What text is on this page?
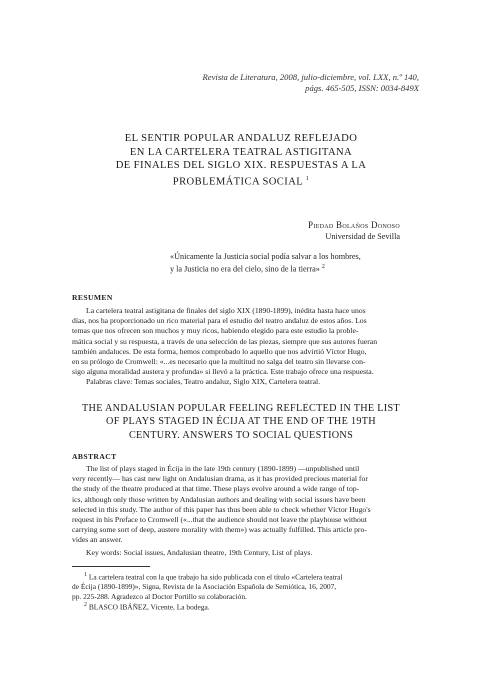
Revista de Literatura, 2008, julio-diciembre, vol. LXX, n.º 140,
págs. 465-505, ISSN: 0034-849X
EL SENTIR POPULAR ANDALUZ REFLEJADO
EN LA CARTELERA TEATRAL ASTIGITANA
DE FINALES DEL SIGLO XIX. RESPUESTAS A LA
PROBLEMÁTICA SOCIAL $^1$
Piedad Bolaños Donoso
Universidad de Sevilla
«Únicamente la Justicia social podía salvar a los hombres,
y la Justicia no era del cielo, sino de la tierra» $^2$
RESUMEN
La cartelera teatral astigitana de finales del siglo XIX (1890-1899), inédita hasta hace unos
días, nos ha proporcionado un rico material para el estudio del teatro andaluz de estos años. Los
temas que nos ofrecen son muchos y muy ricos, habiendo elegido para este estudio la proble-
mática social y su respuesta, a través de una selección de las piezas, siempre que sus autores fueran
también andaluces. De esta forma, hemos comprobado lo aquello que nos advirtió Víctor Hugo,
en su prólogo de Cromwell: «...es necesario que la multitud no salga del teatro sin llevarse con-
sigo alguna moralidad austera y profunda» si llevó a la práctica. Este trabajo ofrece una respuesta.
Palabras clave: Temas sociales, Teatro andaluz, Siglo XIX, Cartelera teatral.
THE ANDALUSIAN POPULAR FEELING REFLECTED IN THE LIST
OF PLAYS STAGED IN ÉCIJA AT THE END OF THE 19TH
CENTURY. ANSWERS TO SOCIAL QUESTIONS
ABSTRACT
The list of plays staged in Écija in the late 19th century (1890-1899) —unpublished until
very recently— has cast new light on Andalusian drama, as it has provided precious material for
the study of the theatre produced at that time. These plays evolve around a wide range of top-
ics, although only those written by Andalusian authors and dealing with social issues have been
selected in this study. The author of this paper has thus been able to check whether Víctor Hugo's
request in his Preface to Cromwell («...that the audience should not leave the playhouse without
carrying some sort of deep, austere morality with them») was actually fulfilled. This article pro-
vides an answer.
Key words: Social issues, Andalusian theatre, 19th Century, List of plays.
$^1$ La cartelera teatral con la que trabajo ha sido publicada con el título «Cartelera teatral
de Écija (1890-1899)», Signa, Revista de la Asociación Española de Semiótica, 16, 2007,
pp. 225-288. Agradezco al Doctor Portillo su colaboración.
$^2$ BLASCO IBÁÑEZ, Vicente, La bodega.
